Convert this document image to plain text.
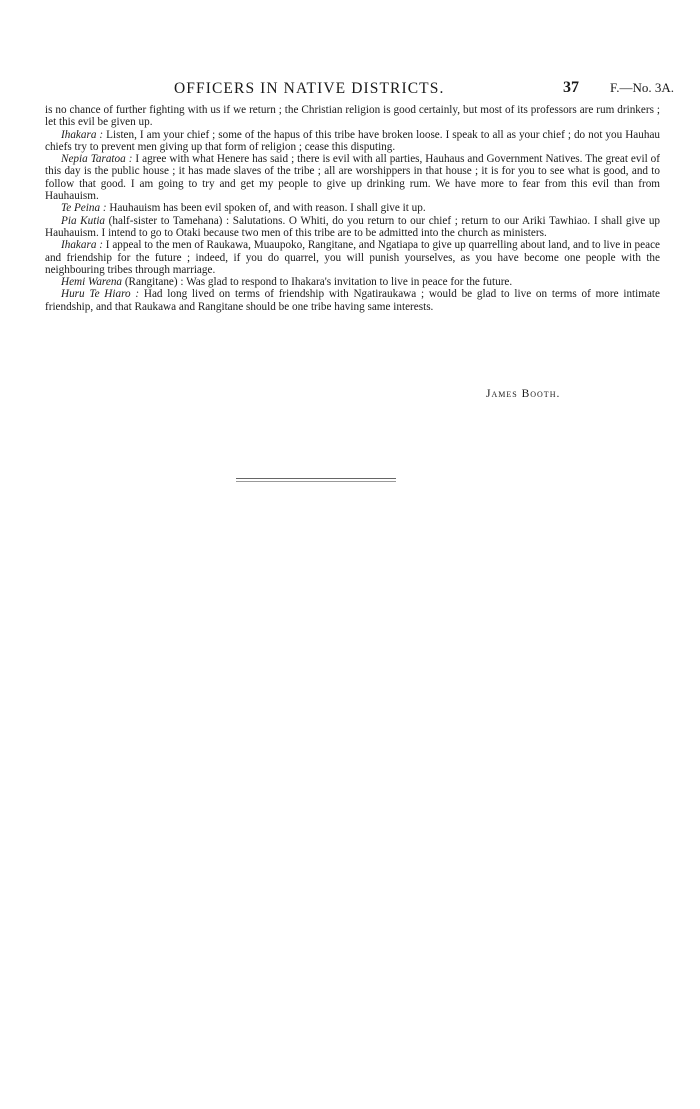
OFFICERS IN NATIVE DISTRICTS.	37 F.—No. 3A.

is no chance of further fighting with us if we return ; the Christian religion is good certainly, but most of its professors are rum drinkers ; let this evil be given up.

Ihakara : Listen, I am your chief ; some of the hapus of this tribe have broken loose. I speak to all as your chief ; do not you Hauhau chiefs try to prevent men giving up that form of religion ; cease this disputing.

Nepia Taratoa : I agree with what Henere has said ; there is evil with all parties, Hauhaus and Government Natives. The great evil of this day is the public house ; it has made slaves of the tribe ; all are worshippers in that house ; it is for you to see what is good, and to follow that good. I am going to try and get my people to give up drinking rum. We have more to fear from this evil than from Hauhauism.

Te Peina : Hauhauism has been evil spoken of, and with reason. I shall give it up.

Pia Kutia (half-sister to Tamehana) : Salutations. O Whiti, do you return to our chief ; return to our Ariki Tawhiao. I shall give up Hauhauism. I intend to go to Otaki because two men of this tribe are to be admitted into the church as ministers.

Ihakara : I appeal to the men of Raukawa, Muaupoko, Rangitane, and Ngatiapa to give up quarrelling about land, and to live in peace and friendship for the future ; indeed, if you do quarrel, you will punish yourselves, as you have become one people with the neighbouring tribes through marriage.

Hemi Warena (Rangitane) : Was glad to respond to Ihakara's invitation to live in peace for the future.

Huru Te Hiaro : Had long lived on terms of friendship with Ngatiraukawa ; would be glad to live on terms of more intimate friendship, and that Raukawa and Rangitane should be one tribe having same interests.

James Booth.
